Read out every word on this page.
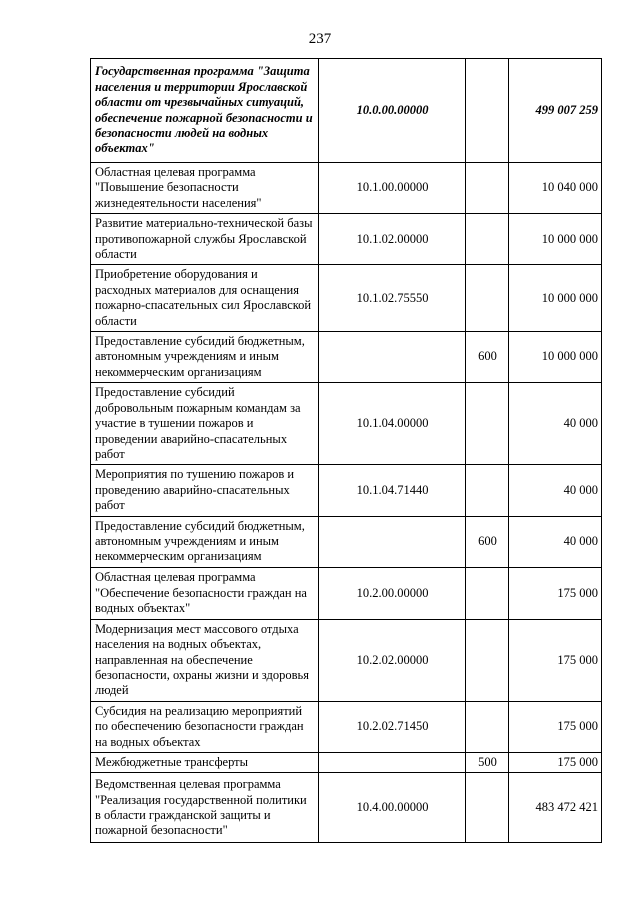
237
Государственная программа "Защита населения и территории Ярославской области от чрезвычайных ситуаций, обеспечение пожарной безопасности и безопасности людей на водных объектах"	10.0.00.00000		499 007 259
Областная целевая программа "Повышение безопасности жизнедеятельности населения"	10.1.00.00000		10 040 000
Развитие материально-технической базы противопожарной службы Ярославской области	10.1.02.00000		10 000 000
Приобретение оборудования и расходных материалов для оснащения пожарно-спасательных сил Ярославской области	10.1.02.75550		10 000 000
Предоставление субсидий бюджетным, автономным учреждениям и иным некоммерческим организациям		600	10 000 000
Предоставление субсидий добровольным пожарным командам за участие в тушении пожаров и проведении аварийно-спасательных работ	10.1.04.00000		40 000
Мероприятия по тушению пожаров и проведению аварийно-спасательных работ	10.1.04.71440		40 000
Предоставление субсидий бюджетным, автономным учреждениям и иным некоммерческим организациям		600	40 000
Областная целевая программа "Обеспечение безопасности граждан на водных объектах"	10.2.00.00000		175 000
Модернизация мест массового отдыха населения на водных объектах, направленная на обеспечение безопасности, охраны жизни и здоровья людей	10.2.02.00000		175 000
Субсидия на реализацию мероприятий по обеспечению безопасности граждан на водных объектах	10.2.02.71450		175 000
Межбюджетные трансферты		500	175 000
Ведомственная целевая программа "Реализация государственной политики в области гражданской защиты и пожарной безопасности"	10.4.00.00000		483 472 421
